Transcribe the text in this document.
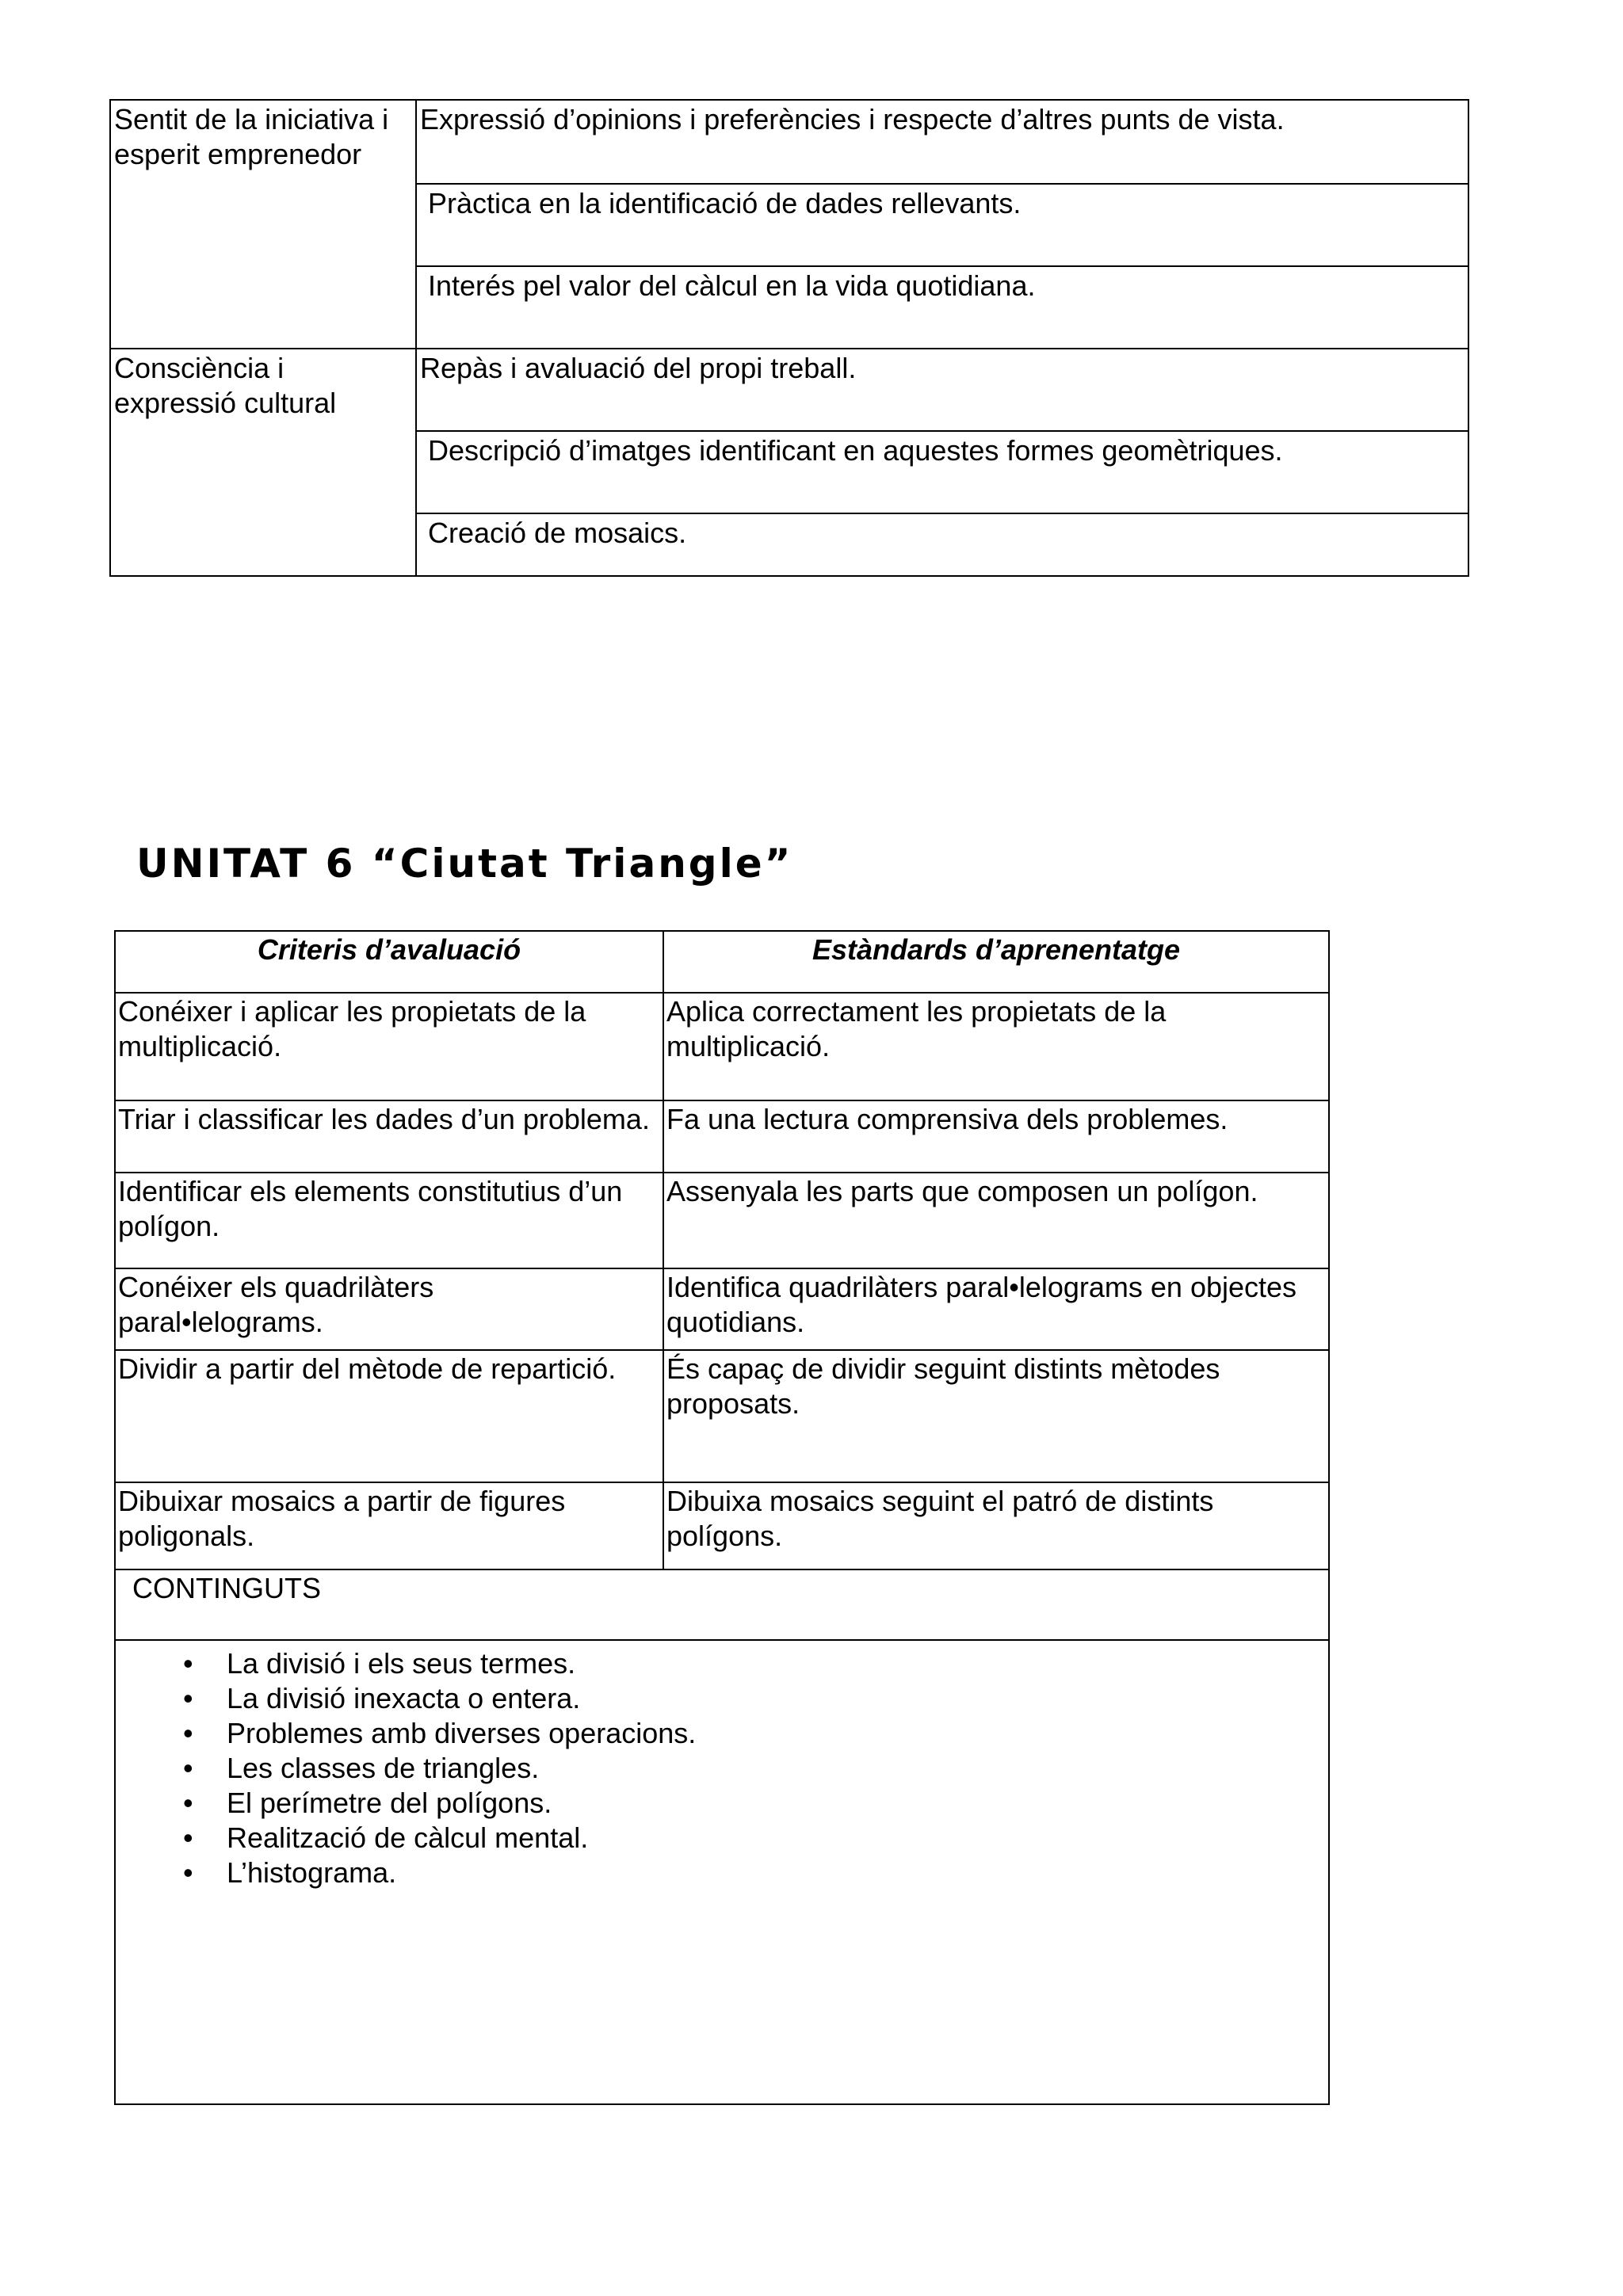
Sentit de la iniciativa i esperit emprenedor
Expressió d’opinions i preferències i respecte d’altres punts de vista.
Pràctica en la identificació de dades rellevants.
Interés pel valor del càlcul en la vida quotidiana.
Consciència i expressió cultural
Repàs i avaluació del propi treball.
Descripció d’imatges identificant en aquestes formes geomètriques.
Creació de mosaics.
UNITAT 6 “Ciutat Triangle”
Criteris d’avaluació	Estàndards d’aprenentatge
Conéixer i aplicar les propietats de la multiplicació.
Aplica correctament les propietats de la multiplicació.
Triar i classificar les dades d’un problema. Fa una lectura comprensiva dels problemes.
Identificar els elements constitutius d’un polígon.
Assenyala les parts que composen un polígon.
Conéixer els quadrilàters paral•lelograms.
Identifica quadrilàters paral•lelograms en objectes quotidians.
Dividir a partir del mètode de repartició.	És capaç de dividir seguint distints mètodes proposats.
Dibuixar mosaics a partir de figures poligonals.
Dibuixa mosaics seguint el patró de distints polígons.
CONTINGUTS
• La divisió i els seus termes.
• La divisió inexacta o entera.
• Problemes amb diverses operacions.
• Les classes de triangles.
• El perímetre del polígons.
• Realització de càlcul mental.
• L’histograma.
